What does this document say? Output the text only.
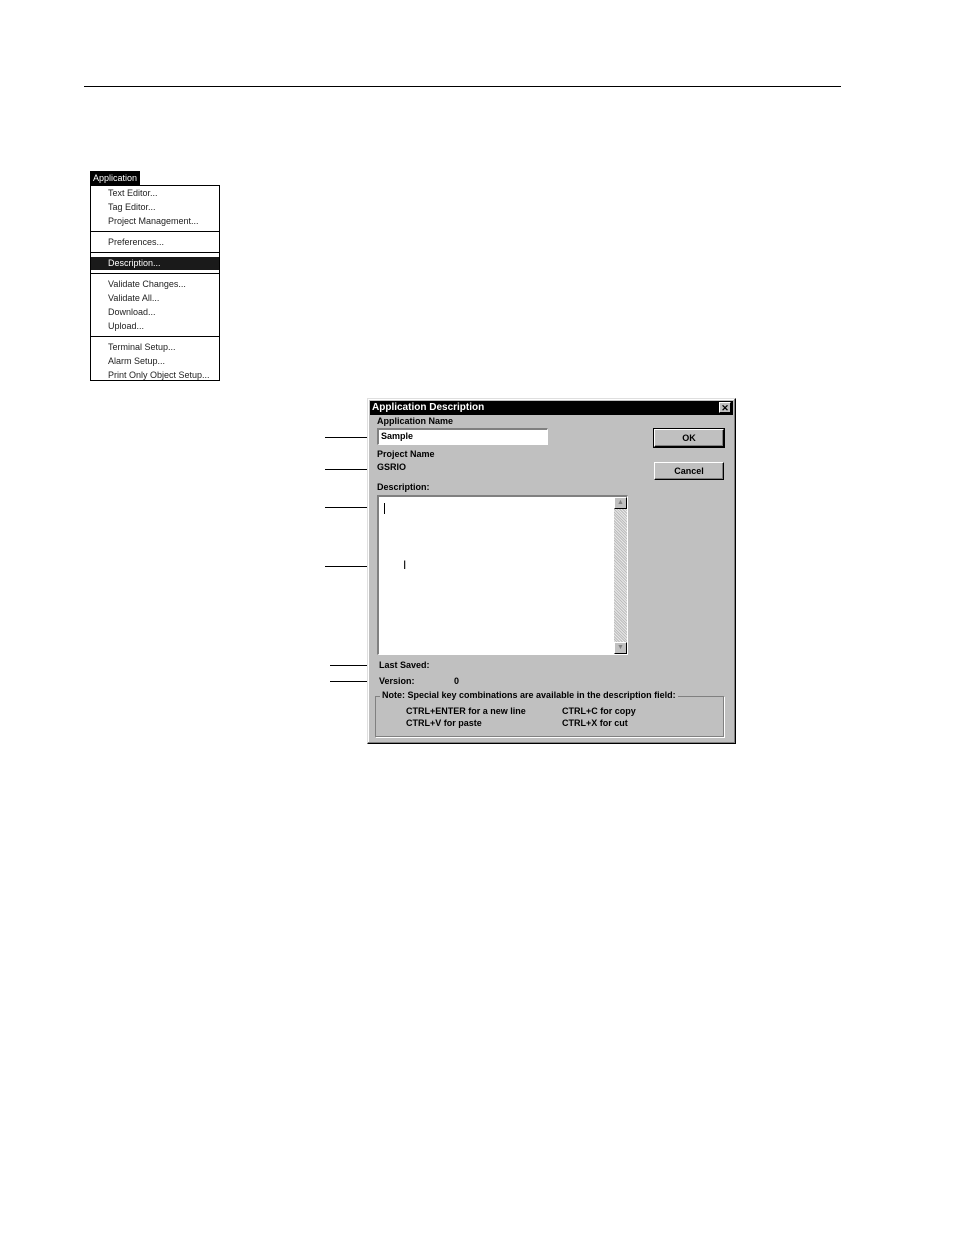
Application
Text Editor...
Tag Editor...
Project Management...
Preferences...
Description...
Validate Changes...
Validate All...
Download...
Upload...
Terminal Setup...
Alarm Setup...
Print Only Object Setup...
Application Description	✕
Application Name
Sample
Project Name
GSRIO
Description:
I
▲
▼
OK
Cancel
Last Saved:
Version:	0
Note: Special key combinations are available in the description field:
CTRL+ENTER for a new line	CTRL+C for copy
CTRL+V for paste	CTRL+X for cut
